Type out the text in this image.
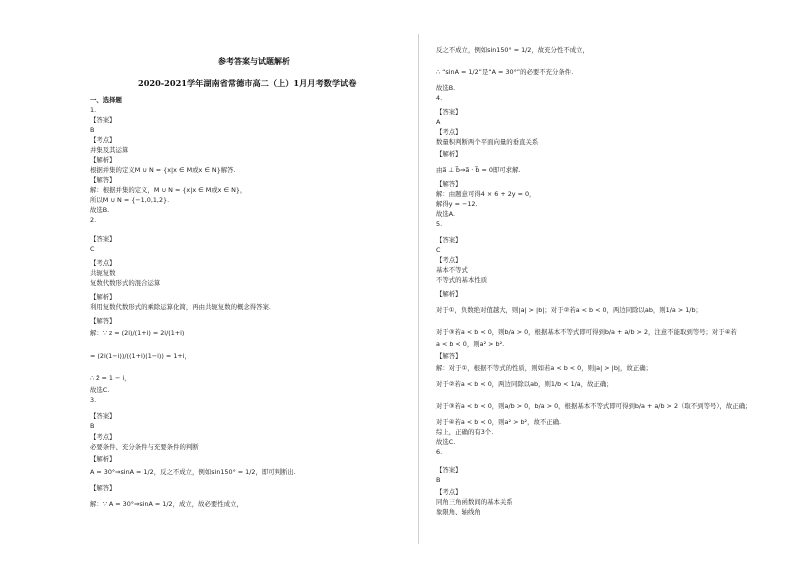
参考答案与试题解析
2020-2021学年湖南省常德市高二（上）1月月考数学试卷
一、选择题
1.
【答案】
B
【考点】
并集及其运算
【解析】
根据并集的定义M ∪ N = {x|x ∈ M或x ∈ N}解答.
【解答】
解：根据并集的定义，M ∪ N = {x|x ∈ M或x ∈ N}，
所以M ∪ N = {−1,0,1,2}.
故选B.
2.
【答案】
C
【考点】
共轭复数
复数代数形式的混合运算
【解析】
利用复数代数形式的乘除运算化简，再由共轭复数的概念得答案.
【解答】
解：∵ z = (2i)/(1+i) = 2i/(1+i)
= (2i(1−i))/((1+i)(1−i)) = 1+i，
∴ z̄ = 1 − i，
故选C.
3.
【答案】
B
【考点】
必要条件、充分条件与充要条件的判断
【解析】
A = 30°⇒sinA = 1/2，反之不成立，例如sin150° = 1/2，即可判断出.
【解答】
解：∵ A = 30°⇒sinA = 1/2，成立，故必要性成立，
反之不成立，例如sin150° = 1/2，故充分性不成立，
∴ “sinA = 1/2”是“A = 30°”的必要不充分条件.
故选B.
4.
【答案】
A
【考点】
数量积判断两个平面向量的垂直关系
【解析】
由a⃗ ⊥ b⃗⇒a⃗ · b⃗ = 0即可求解.
【解答】
解：由题意可得4 × 6 + 2y = 0，
解得y = −12.
故选A.
5.
【答案】
C
【考点】
基本不等式
不等式的基本性质
【解析】
对于①，负数绝对值越大，则|a| > |b|；对于②若a < b < 0，两边同除以ab，则1/a > 1/b；
对于③若a < b < 0，则b/a > 0，根据基本不等式即可得到b/a + a/b > 2，注意不能取到等号；对于④若
a < b < 0，则a² > b².
【解答】
解：对于①，根据不等式的性质，则如若a < b < 0，则|a| > |b|，故正确；
对于②若a < b < 0，两边同除以ab，则1/b < 1/a，故正确；
对于③若a < b < 0，则a/b > 0，b/a > 0，根据基本不等式即可得到b/a + a/b > 2（取不到等号），故正确；
对于④若a < b < 0，则a² > b²，故不正确.
综上，正确的有3个.
故选C.
6.
【答案】
B
【考点】
同角三角函数间的基本关系
象限角、轴线角
